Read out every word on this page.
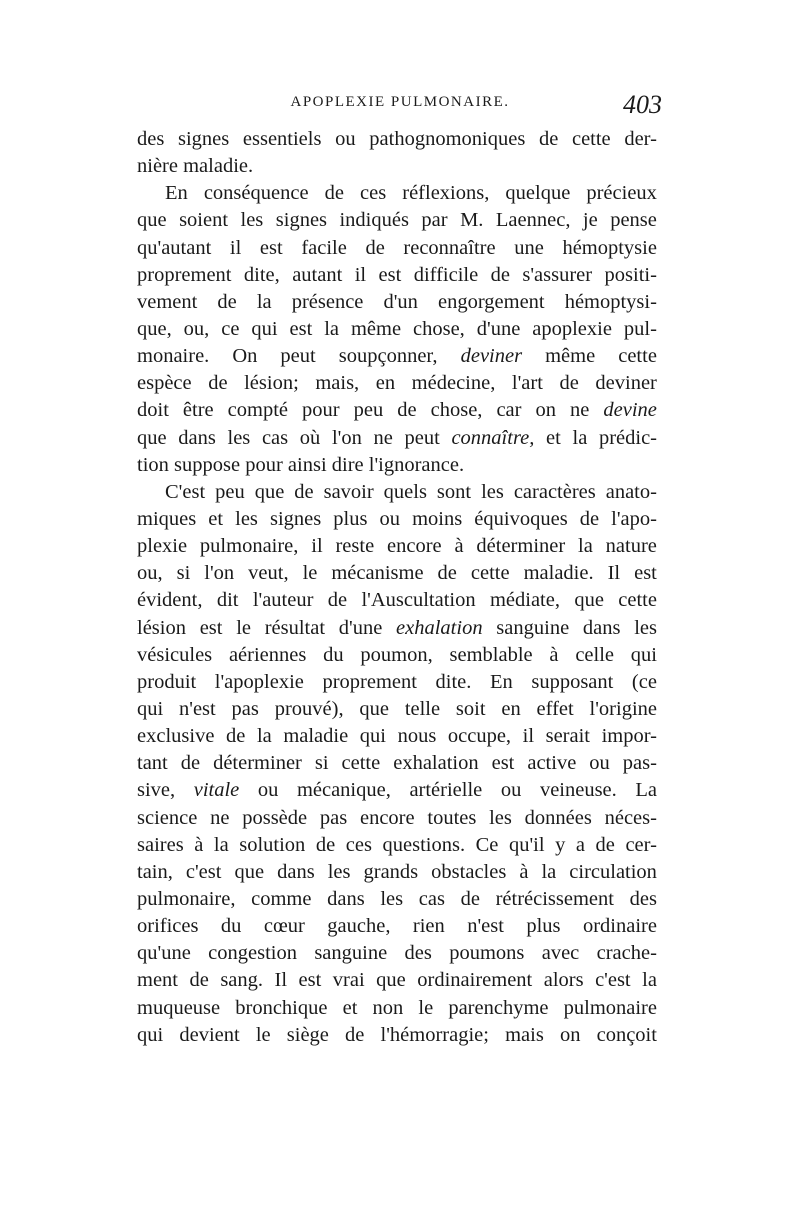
APOPLEXIE PULMONAIRE.	403
des signes essentiels ou pathognomoniques de cette der-
nière
maladie.

En conséquence de ces réflexions, quelque précieux
que soient les signes indiqués par M. Laennec, je pense
qu'autant il est facile de reconnaître une hémoptysie
proprement dite, autant il est difficile de s'assurer positi-
vement de la présence d'un engorgement hémoptysi-
que, ou, ce qui est la même chose, d'une apoplexie pul-
monaire. On peut soupçonner, deviner même cette
espèce de lésion; mais, en médecine, l'art de deviner
doit être compté pour peu de chose, car on ne devine
que dans les cas où l'on ne peut connaître, et la prédic-
tion
suppose
pour
ainsi
dire
l'ignorance.

C'est peu que de savoir quels sont les caractères anato-
miques et les signes plus ou moins équivoques de l'apo-
plexie pulmonaire, il reste encore à déterminer la nature
ou, si l'on veut, le mécanisme de cette maladie. Il est
évident, dit l'auteur de l'Auscultation médiate, que cette
lésion est le résultat d'une exhalation sanguine dans les
vésicules aériennes du poumon, semblable à celle qui
produit l'apoplexie proprement dite. En supposant (ce
qui n'est pas prouvé), que telle soit en effet l'origine
exclusive de la maladie qui nous occupe, il serait impor-
tant de déterminer si cette exhalation est active ou pas-
sive, vitale ou mécanique, artérielle ou veineuse. La
science ne possède pas encore toutes les données néces-
saires à la solution de ces questions. Ce qu'il y a de cer-
tain, c'est que dans les grands obstacles à la circulation
pulmonaire, comme dans les cas de rétrécissement des
orifices du cœur gauche, rien n'est plus ordinaire
qu'une congestion sanguine des poumons avec crache-
ment de sang. Il est vrai que ordinairement alors c'est la
muqueuse bronchique et non le parenchyme pulmonaire
qui devient le siège de l'hémorragie; mais on conçoit
